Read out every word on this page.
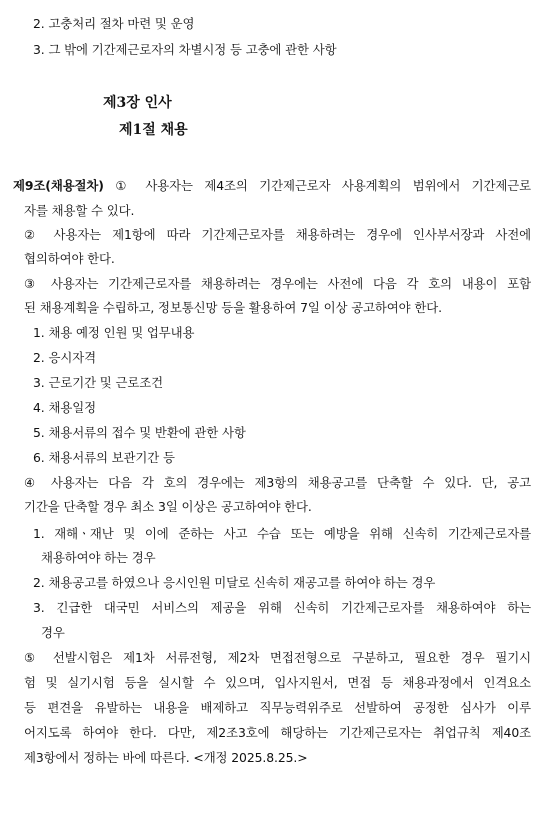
2. 고충처리 절차 마련 및 운영
3. 그 밖에 기간제근로자의 차별시정 등 고충에 관한 사항
제3장 인사
제1절 채용
제9조(채용절차) ① 사용자는 제4조의 기간제근로자 사용계획의 범위에서 기간제근로
자를 채용할 수 있다.
② 사용자는 제1항에 따라 기간제근로자를 채용하려는 경우에 인사부서장과 사전에
협의하여야 한다.
③ 사용자는 기간제근로자를 채용하려는 경우에는 사전에 다음 각 호의 내용이 포함
된 채용계획을 수립하고, 정보통신망 등을 활용하여 7일 이상 공고하여야 한다.
1. 채용 예정 인원 및 업무내용
2. 응시자격
3. 근로기간 및 근로조건
4. 채용일정
5. 채용서류의 접수 및 반환에 관한 사항
6. 채용서류의 보관기간 등
④ 사용자는 다음 각 호의 경우에는 제3항의 채용공고를 단축할 수 있다. 단, 공고
기간을 단축할 경우 최소 3일 이상은 공고하여야 한다.
1. 재해ㆍ재난 및 이에 준하는 사고 수습 또는 예방을 위해 신속히 기간제근로자를
채용하여야 하는 경우
2. 채용공고를 하였으나 응시인원 미달로 신속히 재공고를 하여야 하는 경우
3. 긴급한 대국민 서비스의 제공을 위해 신속히 기간제근로자를 채용하여야 하는
경우
⑤ 선발시험은 제1차 서류전형, 제2차 면접전형으로 구분하고, 필요한 경우 필기시
험 및 실기시험 등을 실시할 수 있으며, 입사지원서, 면접 등 채용과정에서 인격요소
등 편견을 유발하는 내용을 배제하고 직무능력위주로 선발하여 공정한 심사가 이루
어지도록 하여야 한다. 다만, 제2조3호에 해당하는 기간제근로자는 취업규칙 제40조
제3항에서 정하는 바에 따른다. <개정 2025.8.25.>
